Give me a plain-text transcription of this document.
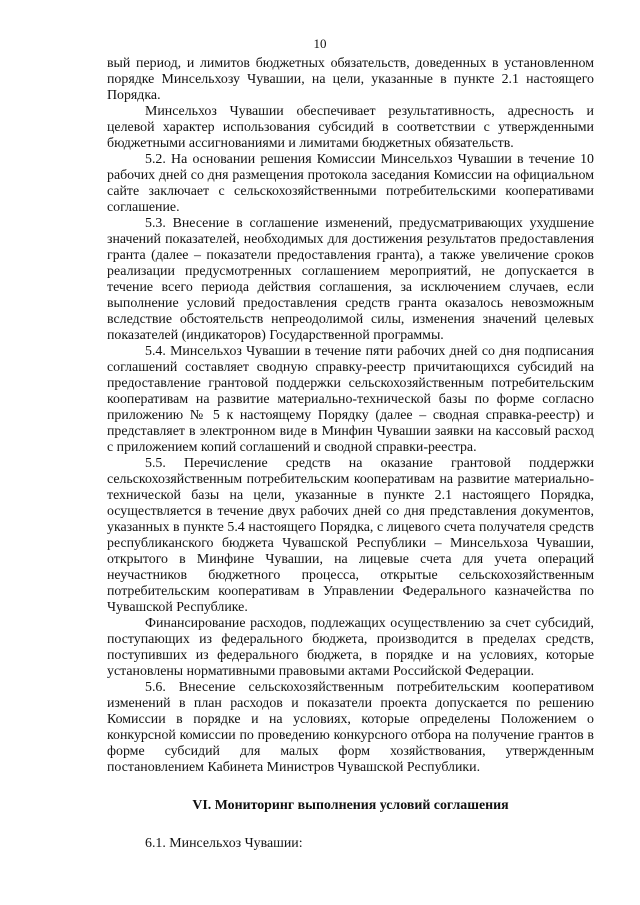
10

вый период, и лимитов бюджетных обязательств, доведенных в установленном порядке Минсельхозу Чувашии, на цели, указанные в пункте 2.1 настоящего Порядка.

Минсельхоз Чувашии обеспечивает результативность, адресность и целевой характер использования субсидий в соответствии с утвержденными бюджетными ассигнованиями и лимитами бюджетных обязательств.

5.2. На основании решения Комиссии Минсельхоз Чувашии в течение 10 рабочих дней со дня размещения протокола заседания Комиссии на официальном сайте заключает с сельскохозяйственными потребительскими кооперативами соглашение.

5.3. Внесение в соглашение изменений, предусматривающих ухудшение значений показателей, необходимых для достижения результатов предоставления гранта (далее – показатели предоставления гранта), а также увеличение сроков реализации предусмотренных соглашением мероприятий, не допускается в течение всего периода действия соглашения, за исключением случаев, если выполнение условий предоставления средств гранта оказалось невозможным вследствие обстоятельств непреодолимой силы, изменения значений целевых показателей (индикаторов) Государственной программы.

5.4. Минсельхоз Чувашии в течение пяти рабочих дней со дня подписания соглашений составляет сводную справку-реестр причитающихся субсидий на предоставление грантовой поддержки сельскохозяйственным потребительским кооперативам на развитие материально-технической базы по форме согласно приложению № 5 к настоящему Порядку (далее – сводная справка-реестр) и представляет в электронном виде в Минфин Чувашии заявки на кассовый расход с приложением копий соглашений и сводной справки-реестра.

5.5. Перечисление средств на оказание грантовой поддержки сельскохозяйственным потребительским кооперативам на развитие материально-технической базы на цели, указанные в пункте 2.1 настоящего Порядка, осуществляется в течение двух рабочих дней со дня представления документов, указанных в пункте 5.4 настоящего Порядка, с лицевого счета получателя средств республиканского бюджета Чувашской Республики – Минсельхоза Чувашии, открытого в Минфине Чувашии, на лицевые счета для учета операций неучастников бюджетного процесса, открытые сельскохозяйственным потребительским кооперативам в Управлении Федерального казначейства по Чувашской Республике.

Финансирование расходов, подлежащих осуществлению за счет субсидий, поступающих из федерального бюджета, производится в пределах средств, поступивших из федерального бюджета, в порядке и на условиях, которые установлены нормативными правовыми актами Российской Федерации.

5.6. Внесение сельскохозяйственным потребительским кооперативом изменений в план расходов и показатели проекта допускается по решению Комиссии в порядке и на условиях, которые определены Положением о конкурсной комиссии по проведению конкурсного отбора на получение грантов в форме субсидий для малых форм хозяйствования, утвержденным постановлением Кабинета Министров Чувашской Республики.

VI. Мониторинг выполнения условий соглашения

6.1. Минсельхоз Чувашии:
